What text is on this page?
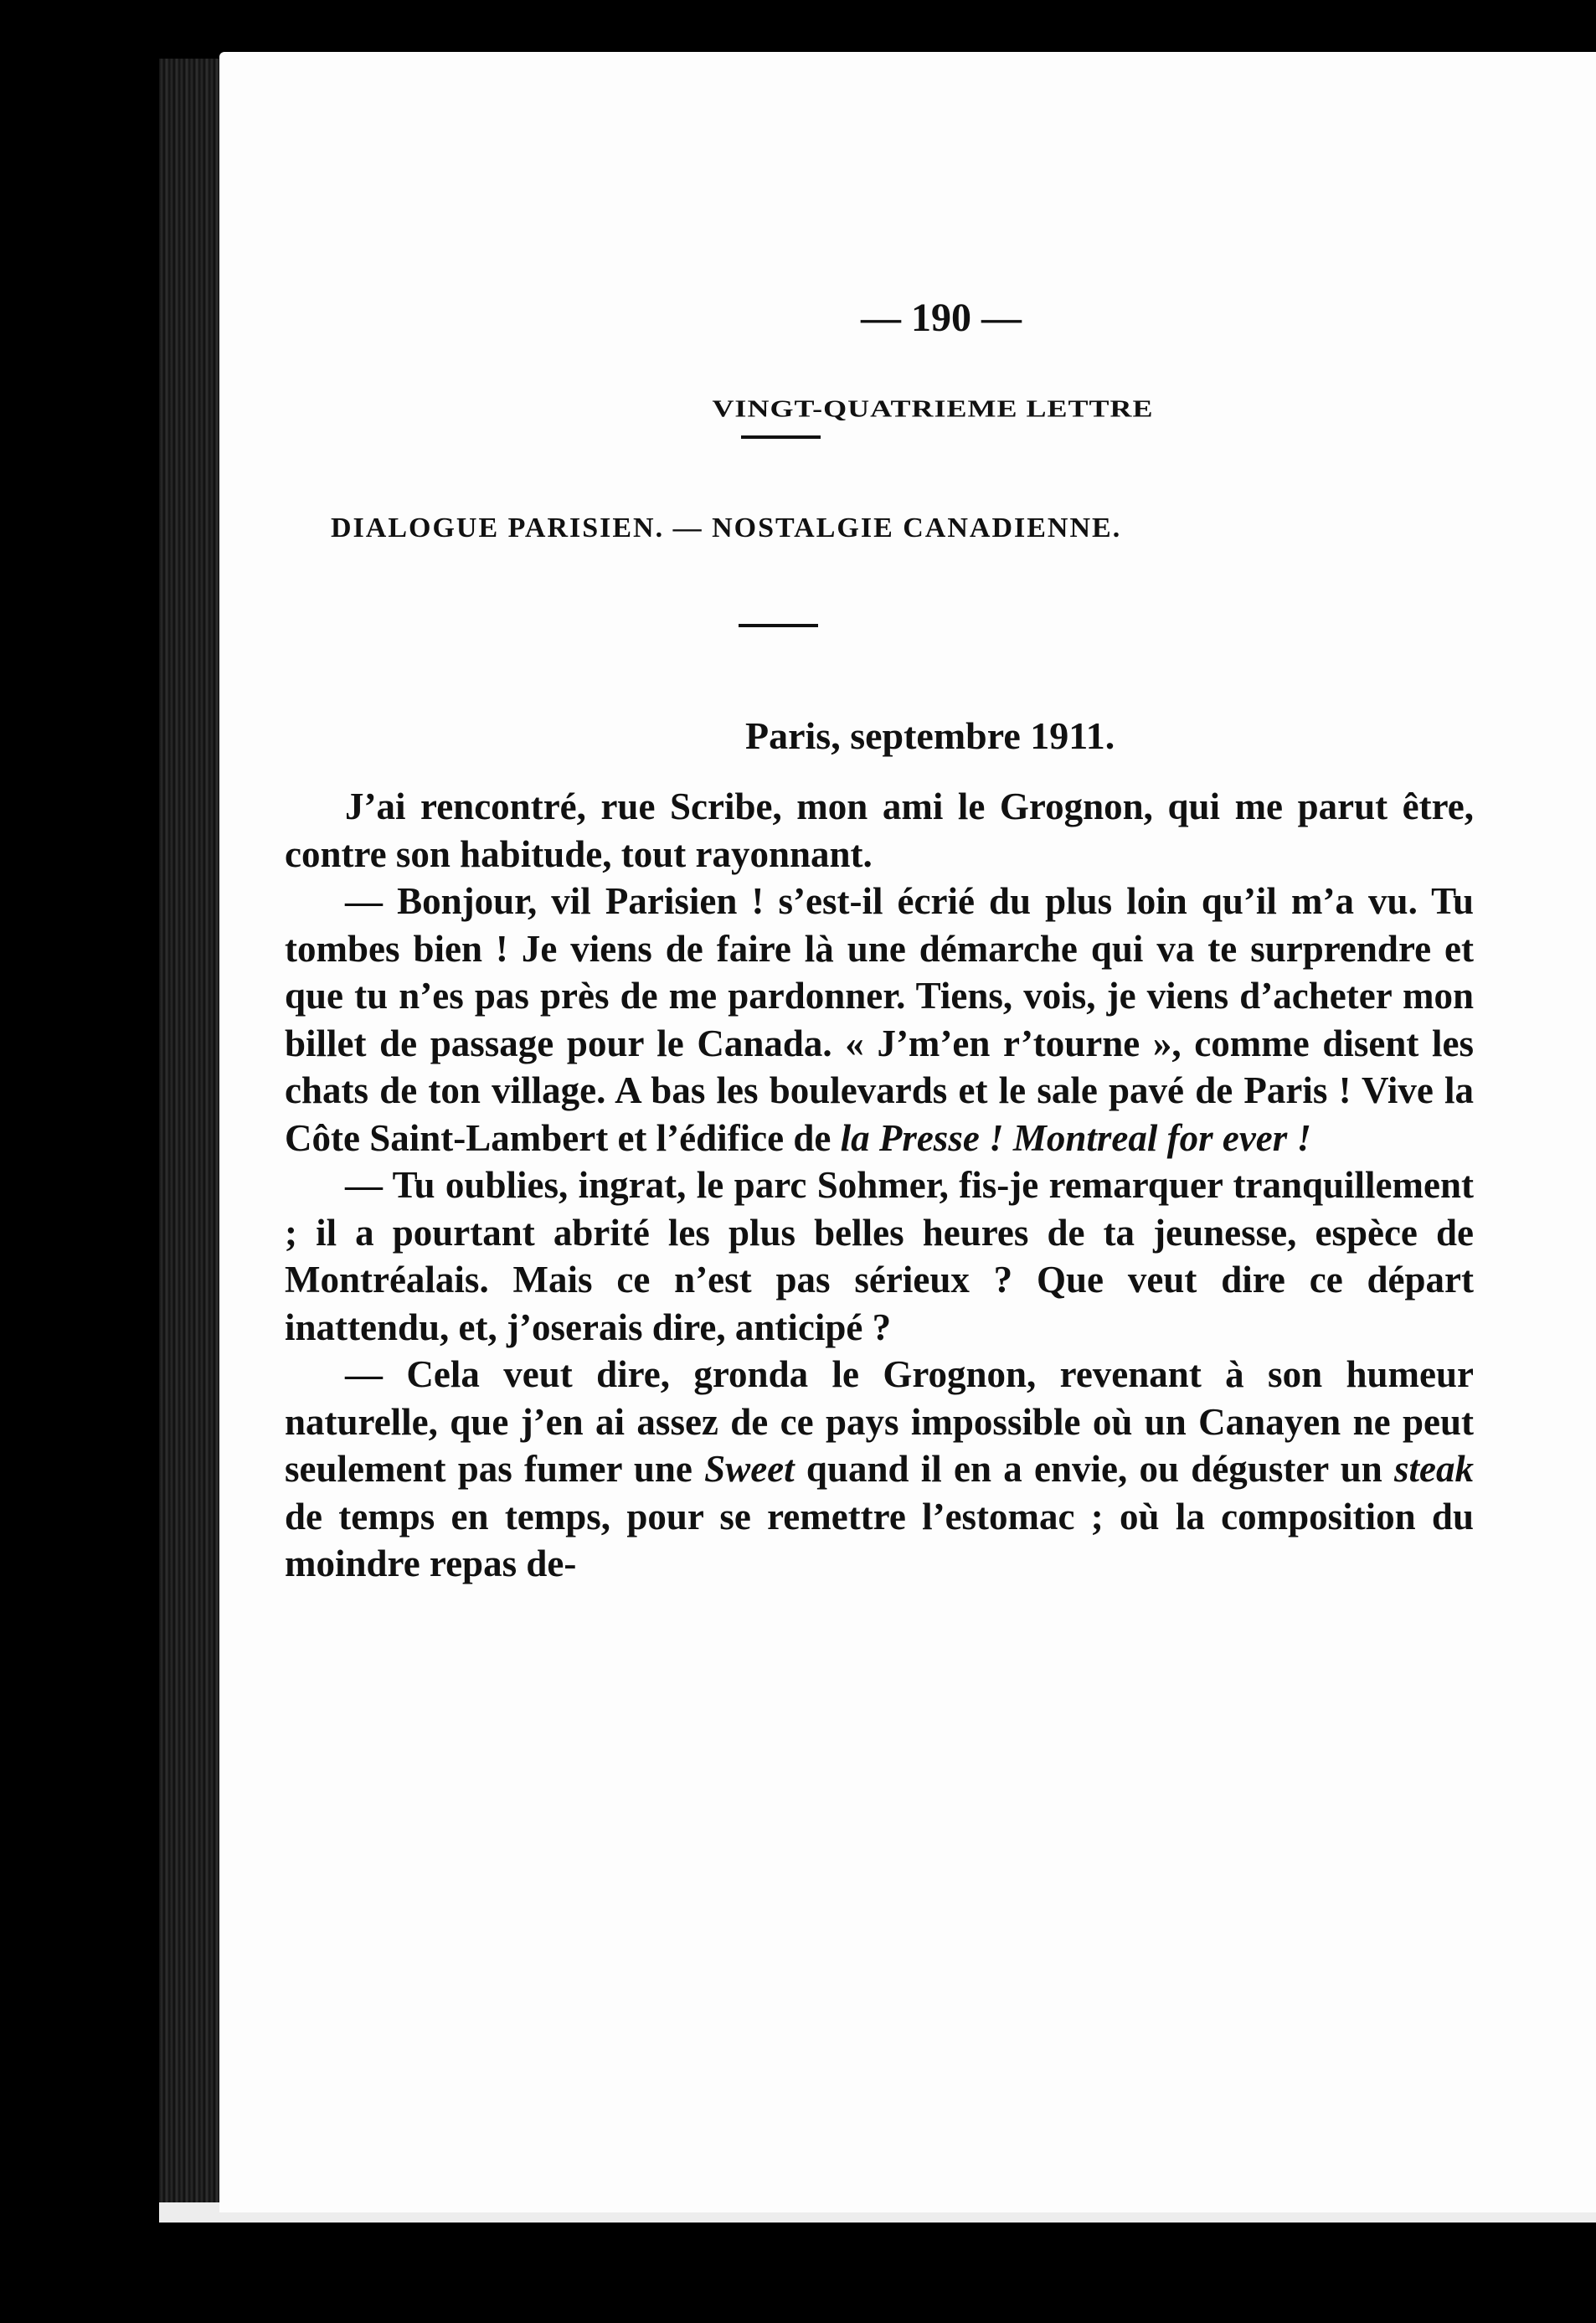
— 190 —
VINGT-QUATRIEME LETTRE
DIALOGUE PARISIEN. — NOSTALGIE CANADIENNE.
Paris, septembre 1911.

J’ai rencontré, rue Scribe, mon ami le Grognon, qui me parut être, contre son habitude, tout rayonnant.

— Bonjour, vil Parisien ! s’est-il écrié du plus loin qu’il m’a vu. Tu tombes bien ! Je viens de faire là une démarche qui va te surprendre et que tu n’es pas près de me pardonner. Tiens, vois, je viens d’acheter mon billet de passage pour le Canada. « J’m’en r’tourne », comme disent les chats de ton village. A bas les boulevards et le sale pavé de Paris ! Vive la Côte Saint-Lambert et l’édifice de la Presse ! Montreal for ever !

— Tu oublies, ingrat, le parc Sohmer, fis-je remarquer tranquillement ; il a pourtant abrité les plus belles heures de ta jeunesse, espèce de Montréalais. Mais ce n’est pas sérieux ? Que veut dire ce départ inattendu, et, j’oserais dire, anticipé ?

— Cela veut dire, gronda le Grognon, revenant à son humeur naturelle, que j’en ai assez de ce pays impossible où un Canayen ne peut seulement pas fumer une Sweet quand il en a envie, ou déguster un steak de temps en temps, pour se remettre l’estomac ; où la composition du moindre repas de-
